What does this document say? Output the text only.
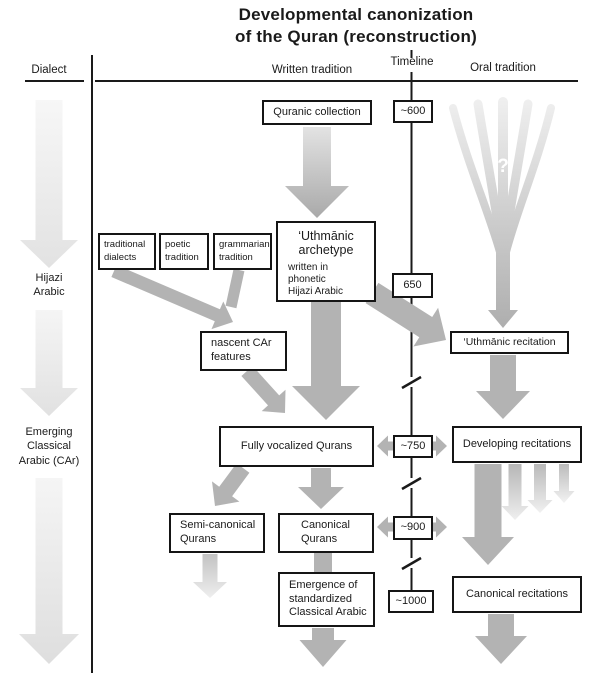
Developmental canonization
of the Quran (reconstruction)
Dialect	Written tradition
Timeline	Oral tradition
Hijazi Arabic
Emerging Classical Arabic (CAr)
Quranic collection
traditional dialects
poetic tradition
grammarian tradition
‘Uthmānic archetype
written in phonetic Hijazi Arabic
nascent CAr features
Fully vocalized Qurans
Semi-canonical Qurans
Canonical Qurans
Emergence of standardized Classical Arabic
~600
650
~750
~900
~1000
?
‘Uthmānic recitation
Developing recitations
Canonical recitations
